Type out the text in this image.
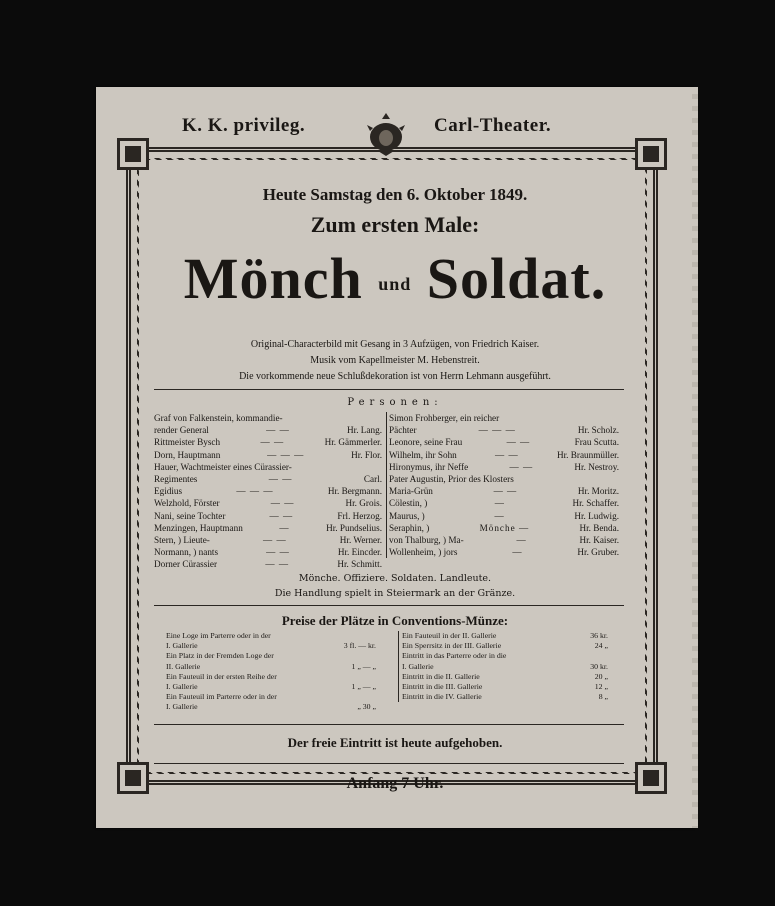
K. K. privileg.	Carl-Theater.
Heute Samstag den 6. Oktober 1849.
Zum ersten Male:
Mönch und Soldat.
Original-Characterbild mit Gesang in 3 Aufzügen, von Friedrich Kaiser.
Musik vom Kapellmeister M. Hebenstreit.
Die vorkommende neue Schlußdekoration ist von Herrn Lehmann ausgeführt.
Personen:
Graf von Falkenstein, kommandie-
render General	— —	Hr. Lang.
Rittmeister Bysch	— —	Hr. Gämmerler.
Dorn, Hauptmann	— — —	Hr. Flor.
Hauer, Wachtmeister eines Cürassier-
Regimentes	— —	Carl.
Egidius	— — —	Hr. Bergmann.
Welzhold, Förster	— —	Hr. Grois.
Nani, seine Tochter	— —	Frl. Herzog.
Menzingen, Hauptmann	—	Hr. Pundselius.
Stern, ) Lieute-	— —	Hr. Werner.
Normann, ) nants	— —	Hr. Eincder.
Dorner Cürassier	— —	Hr. Schmitt.
Simon Frohberger, ein reicher
Pächter	— — —	Hr. Scholz.
Leonore, seine Frau	— —	Frau Scutta.
Wilhelm, ihr Sohn	— —	Hr. Braunmüller.
Hironymus, ihr Neffe	— —	Hr. Nestroy.
Pater Augustin, Prior des Klosters
Maria-Grün	— —	Hr. Moritz.
Cölestin, )	—	Hr. Schaffer.
Maurus, )	—	Hr. Ludwig.
Seraphin, )	Mönche —	Hr. Benda.
von Thalburg, ) Ma-	—	Hr. Kaiser.
Wollenheim, ) jors	—	Hr. Gruber.
Mönche. Offiziere. Soldaten. Landleute.
Die Handlung spielt in Steiermark an der Gränze.
Preise der Plätze in Conventions-Münze:
Eine Loge im Parterre oder in der
I. Gallerie	3 fl. — kr.
Ein Platz in der Fremden Loge der
II. Gallerie	1 „ — „
Ein Fauteuil in der ersten Reihe der
I. Gallerie	1 „ — „
Ein Fauteuil im Parterre oder in der
I. Gallerie	„ 30 „
Ein Fauteuil in der II. Gallerie	36 kr.
Ein Sperrsitz in der III. Gallerie	24 „
Eintritt in das Parterre oder in die
I. Gallerie	30 kr.
Eintritt in die II. Gallerie	20 „
Eintritt in die III. Gallerie	12 „
Eintritt in die IV. Gallerie	8 „
Der freie Eintritt ist heute aufgehoben.
Anfang 7 Uhr.
